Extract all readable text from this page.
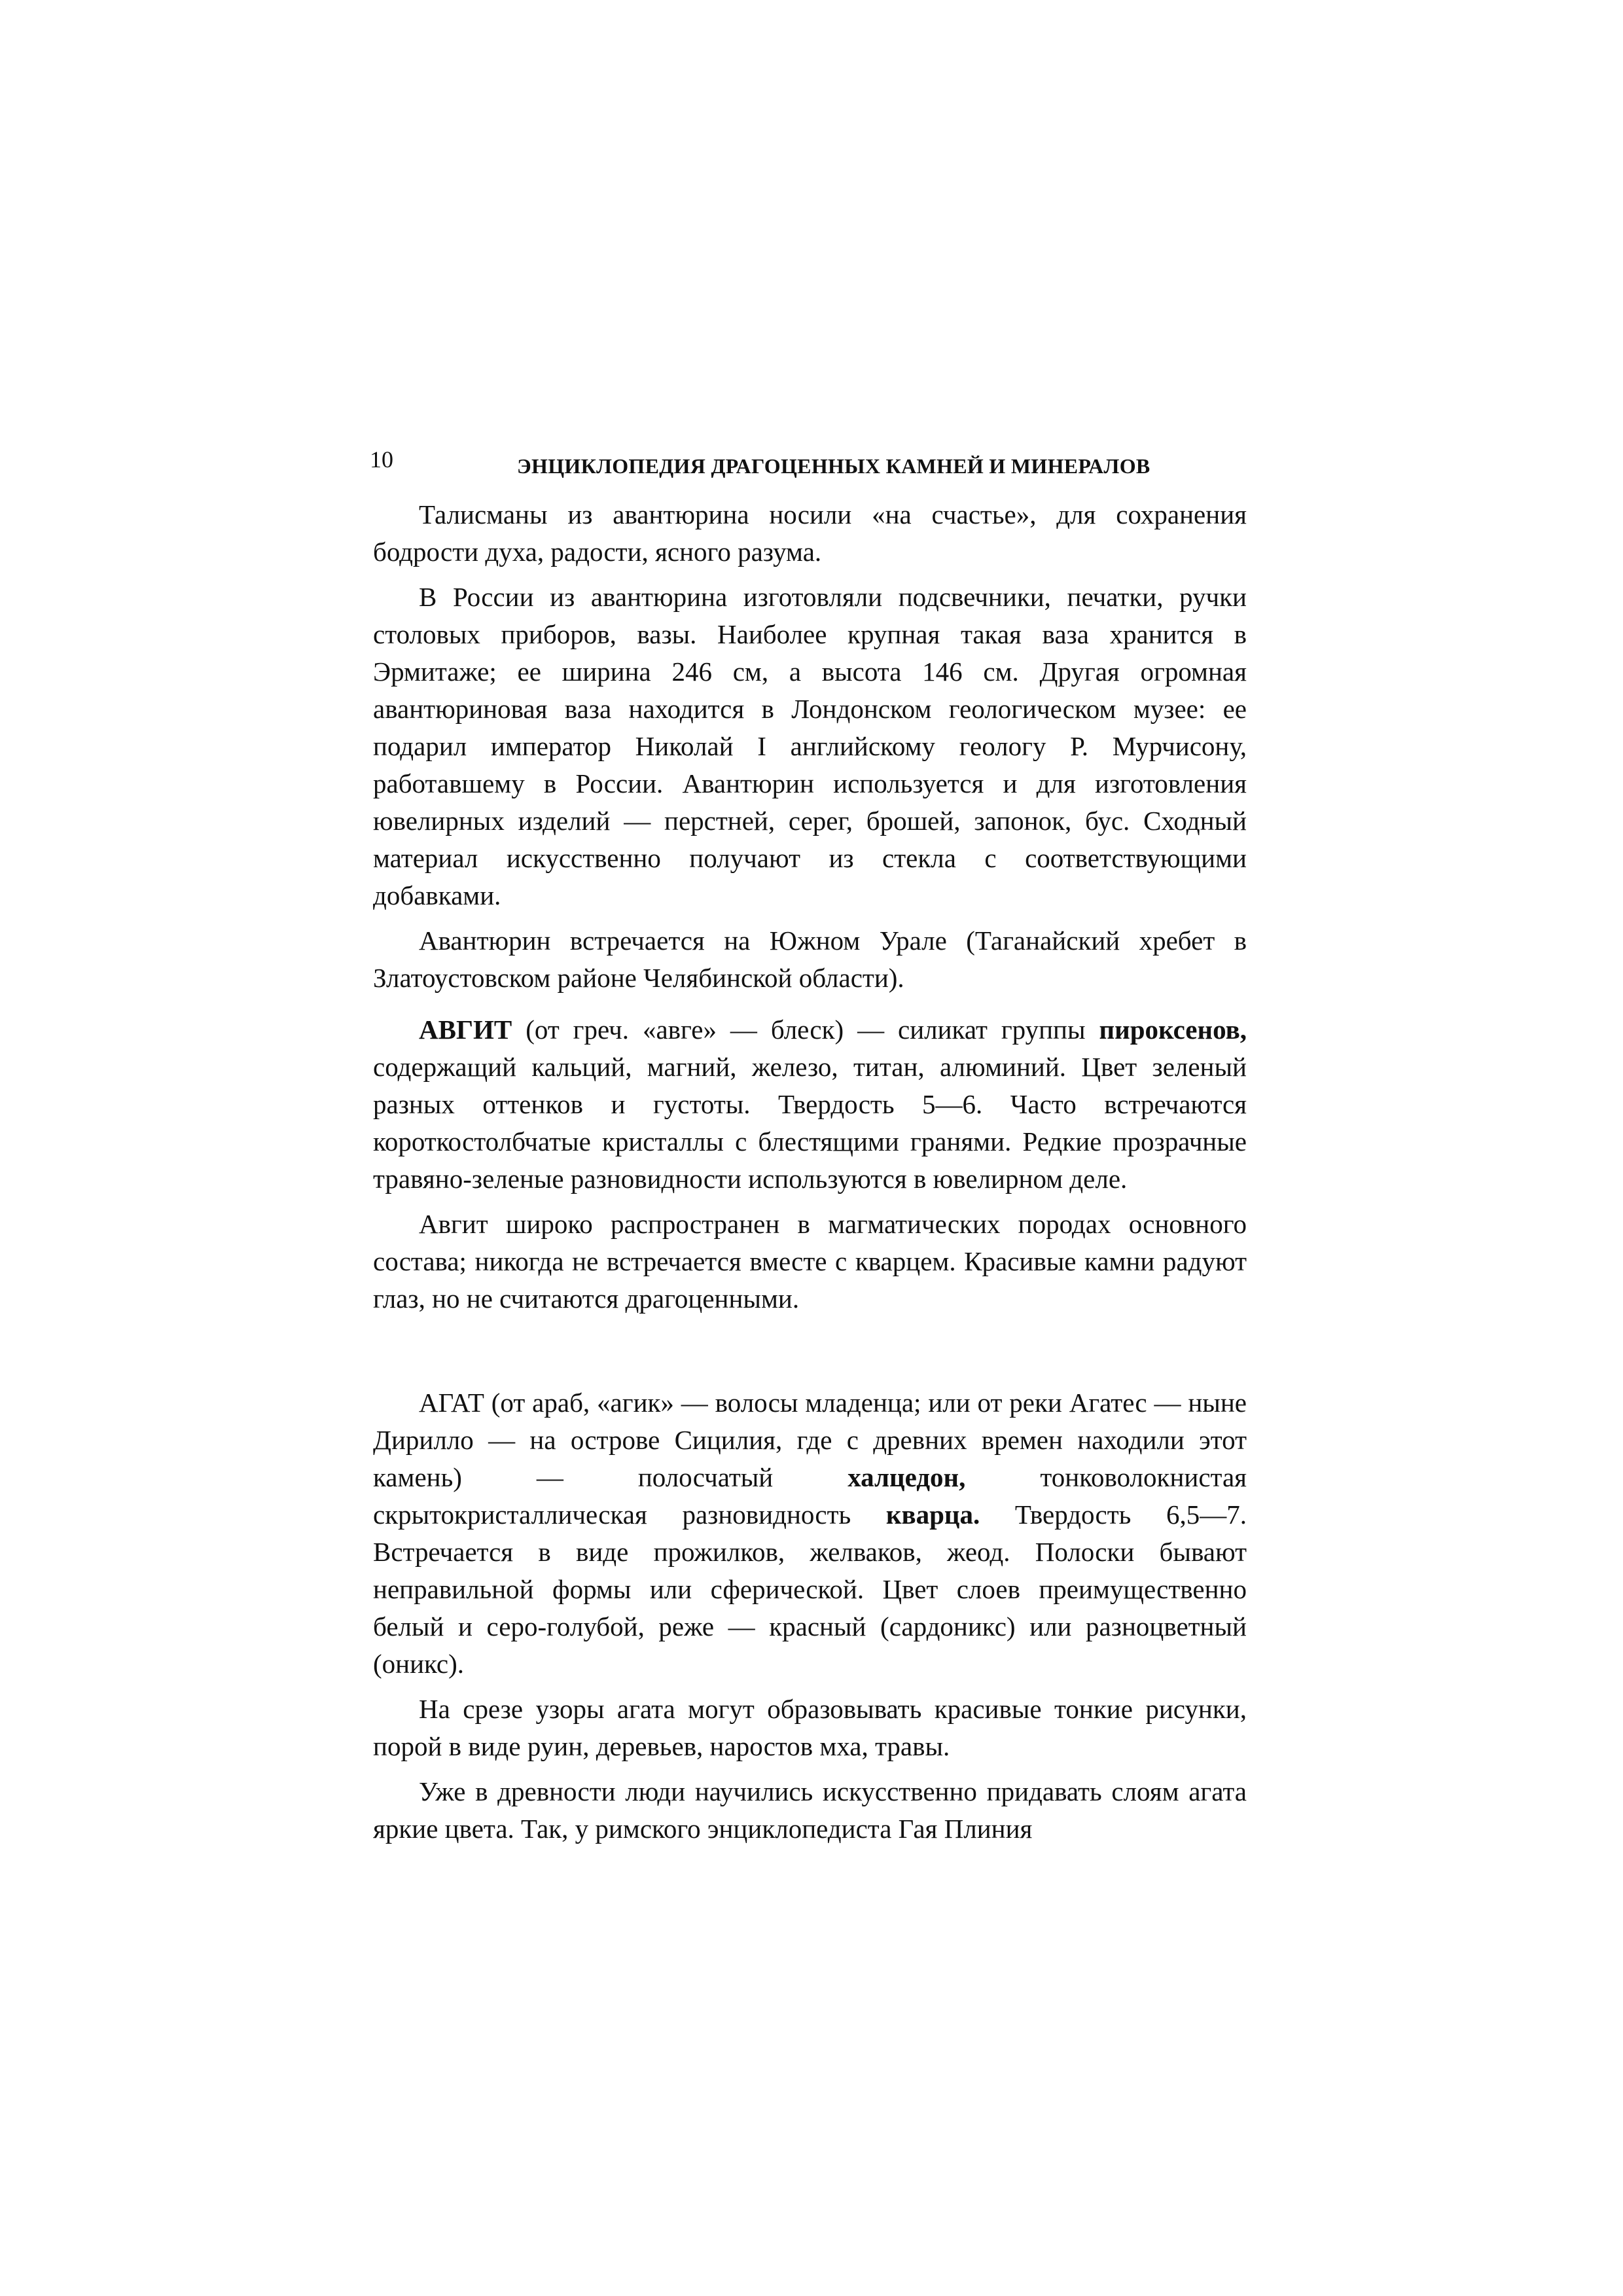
10	ЭНЦИКЛОПЕДИЯ ДРАГОЦЕННЫХ КАМНЕЙ И МИНЕРАЛОВ

Талисманы из авантюрина носили «на счастье», для сохранения бодрости духа, радости, ясного разума.

В России из авантюрина изготовляли подсвечники, печатки, ручки столовых приборов, вазы. Наиболее крупная такая ваза хранится в Эрмитаже; ее ширина 246 см, а высота 146 см. Другая огромная авантюриновая ваза находится в Лондонском геологическом музее: ее подарил император Николай I английскому геологу Р. Мурчисону, работавшему в России. Авантюрин используется и для изготовления ювелирных изделий — перстней, серег, брошей, запонок, бус. Сходный материал искусственно получают из стекла с соответствующими добавками.

Авантюрин встречается на Южном Урале (Таганайский хребет в Златоустовском районе Челябинской области).

АВГИТ (от греч. «авге» — блеск) — силикат группы пироксенов, содержащий кальций, магний, железо, титан, алюминий. Цвет зеленый разных оттенков и густоты. Твердость 5—6. Часто встречаются короткостолбчатые кристаллы с блестящими гранями. Редкие прозрачные травяно-зеленые разновидности используются в ювелирном деле.

Авгит широко распространен в магматических породах основного состава; никогда не встречается вместе с кварцем. Красивые камни радуют глаз, но не считаются драгоценными.

АГАТ (от араб, «агик» — волосы младенца; или от реки Агатес — ныне Дирилло — на острове Сицилия, где с древних времен находили этот камень) — полосчатый халцедон, тонковолокнистая скрытокристаллическая разновидность кварца. Твердость 6,5—7. Встречается в виде прожилков, желваков, жеод. Полоски бывают неправильной формы или сферической. Цвет слоев преимущественно белый и серо-голубой, реже — красный (сардоникс) или разноцветный (оникс).

На срезе узоры агата могут образовывать красивые тонкие рисунки, порой в виде руин, деревьев, наростов мха, травы.

Уже в древности люди научились искусственно придавать слоям агата яркие цвета. Так, у римского энциклопедиста Гая Плиния
